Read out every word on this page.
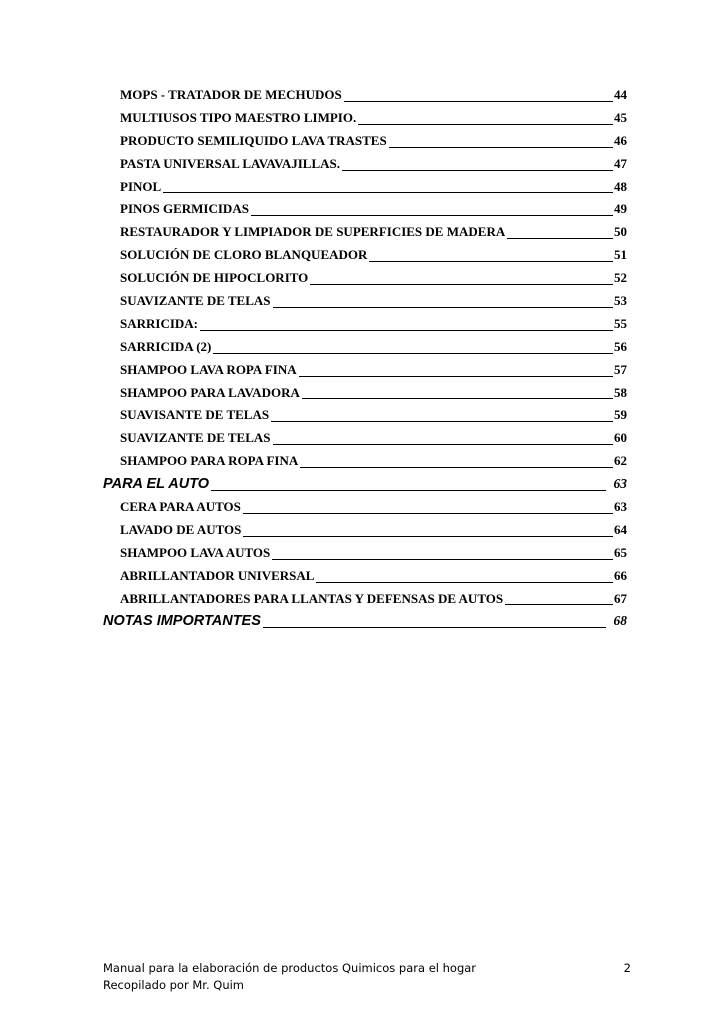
MOPS - TRATADOR DE MECHUDOS	44
MULTIUSOS TIPO MAESTRO LIMPIO.	45
PRODUCTO SEMILIQUIDO LAVA TRASTES	46
PASTA UNIVERSAL LAVAVAJILLAS.	47
PINOL	48
PINOS GERMICIDAS	49
RESTAURADOR Y LIMPIADOR DE SUPERFICIES DE MADERA	50
SOLUCIÓN DE CLORO BLANQUEADOR	51
SOLUCIÓN DE HIPOCLORITO	52
SUAVIZANTE DE TELAS	53
SARRICIDA:	55
SARRICIDA (2)	56
SHAMPOO LAVA ROPA FINA	57
SHAMPOO PARA LAVADORA	58
SUAVISANTE DE TELAS	59
SUAVIZANTE DE TELAS	60
SHAMPOO PARA ROPA FINA	62
PARA EL AUTO	63
CERA PARA AUTOS	63
LAVADO DE AUTOS	64
SHAMPOO LAVA AUTOS	65
ABRILLANTADOR UNIVERSAL	66
ABRILLANTADORES PARA LLANTAS Y DEFENSAS DE AUTOS	67
NOTAS IMPORTANTES	68
Manual para la elaboración de productos Quimicos para el hogar	2
Recopilado por Mr. Quim
